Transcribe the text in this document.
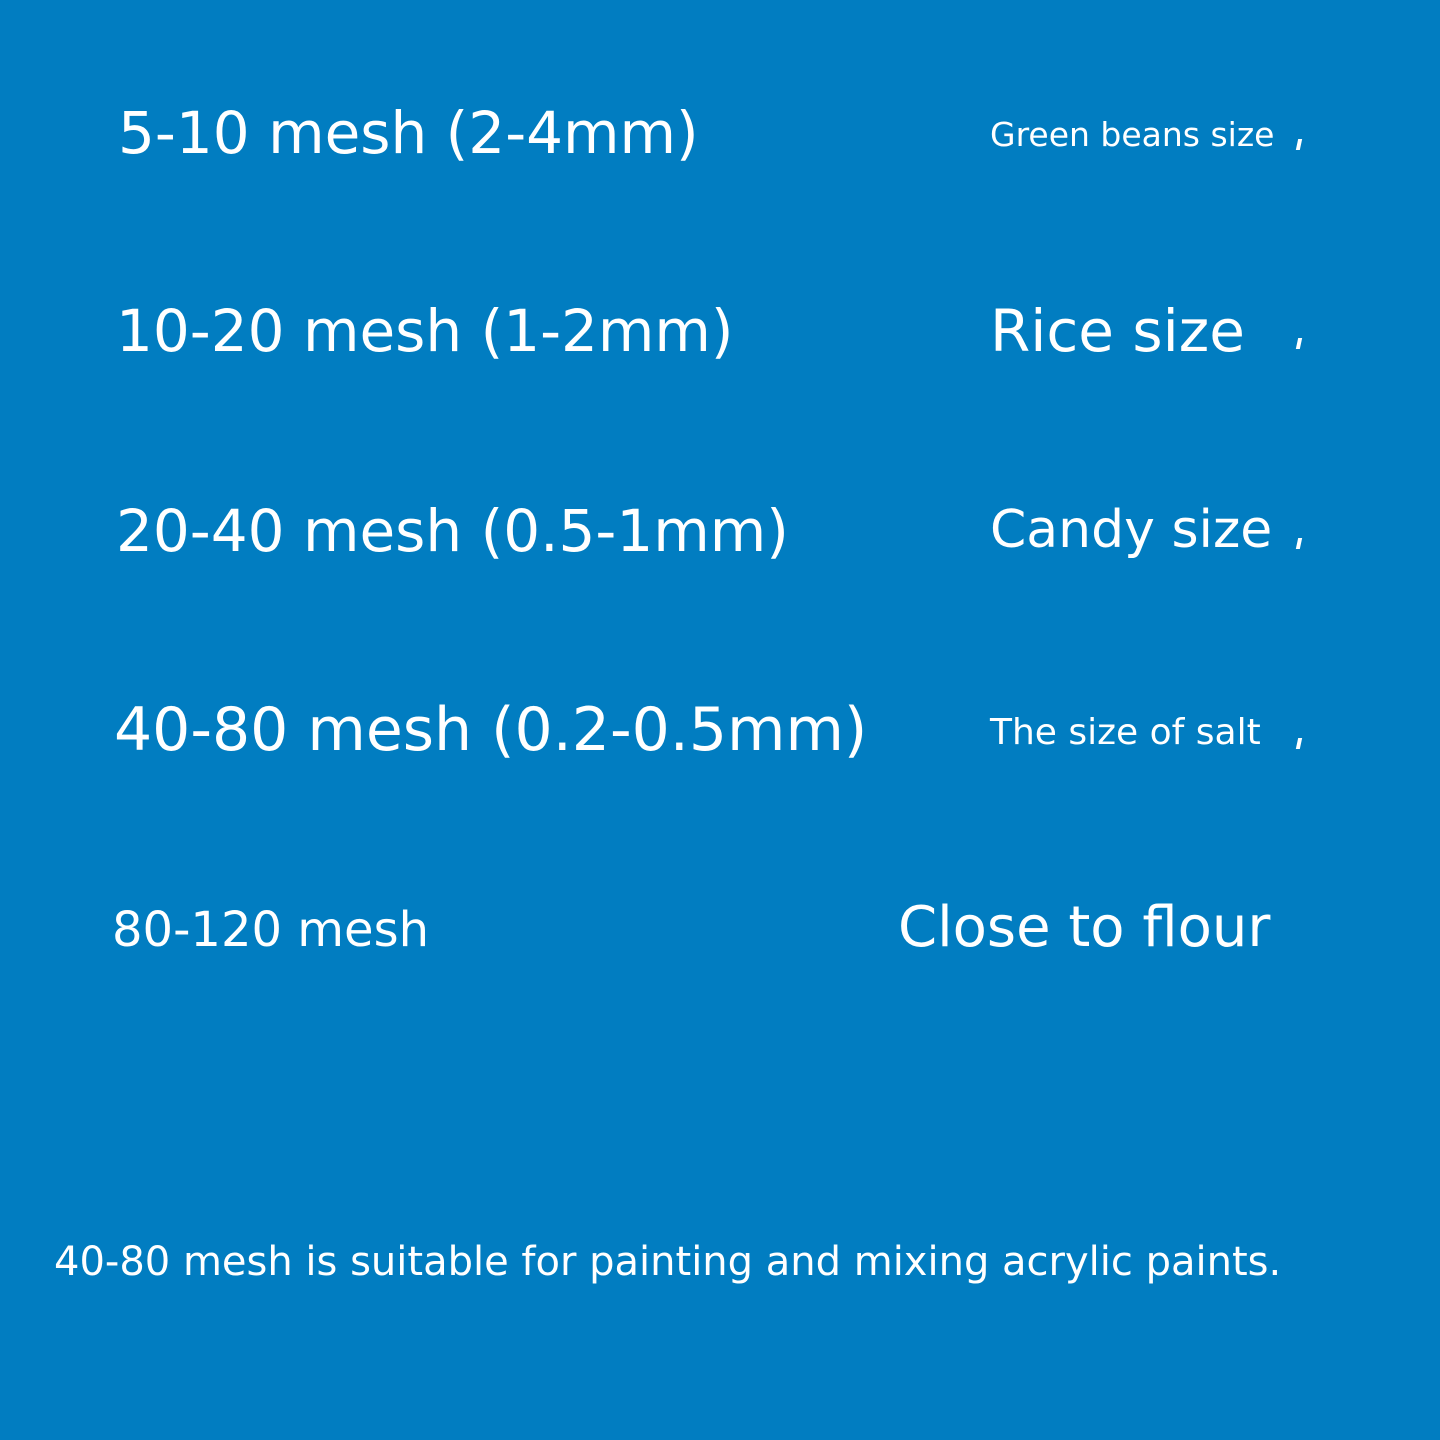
5-10 mesh (2-4mm)	Green beans size
10-20 mesh (1-2mm)	Rice size
20-40 mesh (0.5-1mm)	Candy size
40-80 mesh (0.2-0.5mm)	The size of salt
80-120 mesh	Close to flour
40-80 mesh is suitable for painting and mixing acrylic paints.
